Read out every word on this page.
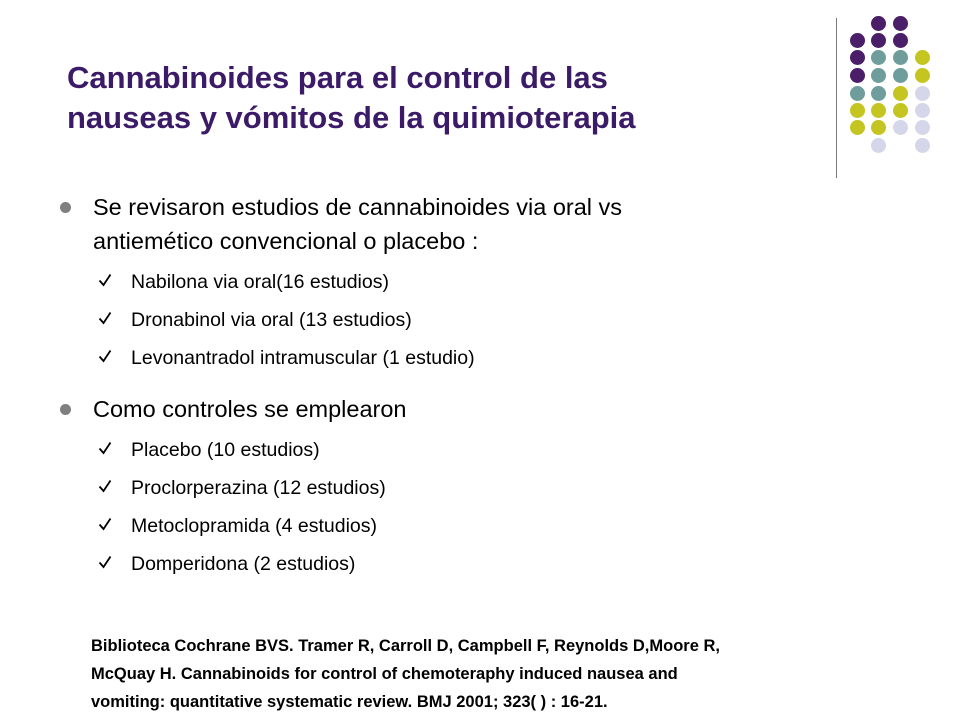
Cannabinoides para el control de las
nauseas y vómitos de la quimioterapia
Se revisaron estudios de cannabinoides via oral vs
antiemético convencional o placebo :
Nabilona via oral(16 estudios)
Dronabinol via oral (13 estudios)
Levonantradol intramuscular (1 estudio)
Como controles se emplearon
Placebo (10 estudios)
Proclorperazina (12 estudios)
Metoclopramida (4 estudios)
Domperidona (2 estudios)
Biblioteca Cochrane BVS. Tramer R, Carroll D, Campbell F, Reynolds D,Moore R,
McQuay H. Cannabinoids for control of chemoteraphy induced nausea and
vomiting: quantitative systematic review. BMJ 2001; 323( ) : 16-21.
